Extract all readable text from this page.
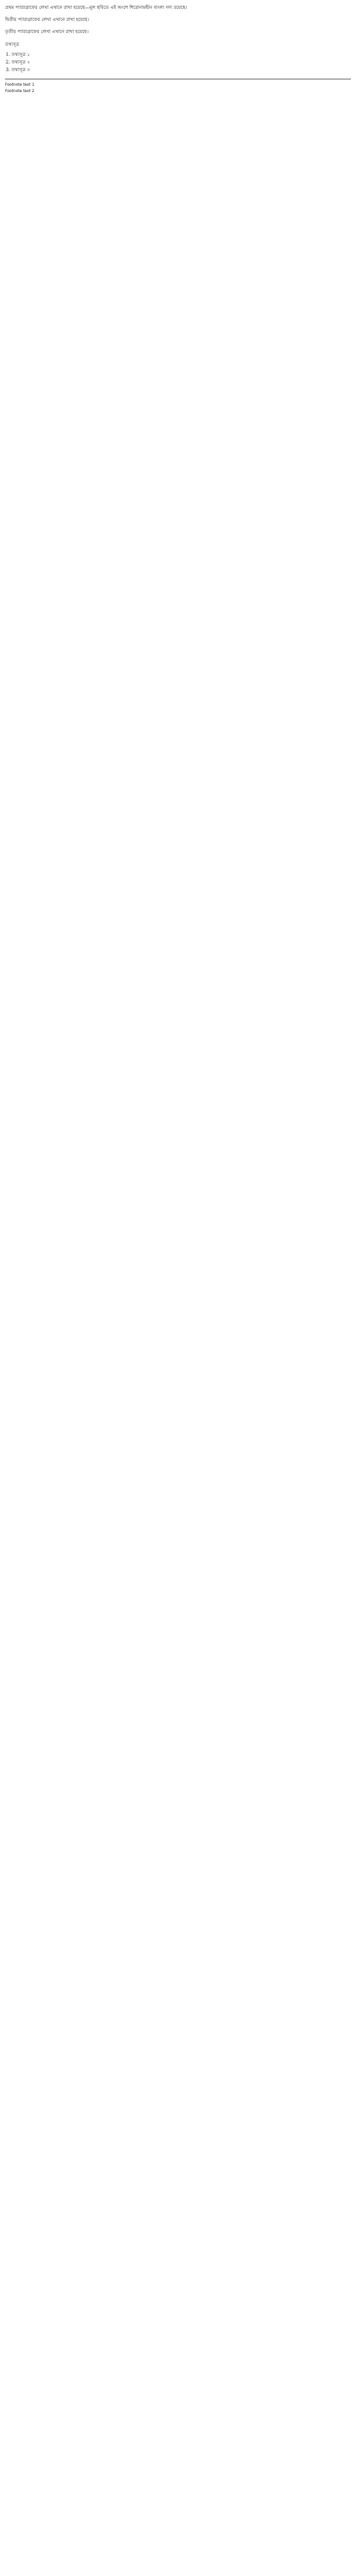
প্রথম প্যারাগ্রাফের লেখা এখানে রাখা হয়েছে—মূল ছবিতে এই অংশে শিরোনামহীন বাংলা গদ্য রয়েছে।

দ্বিতীয় প্যারাগ্রাফের লেখা এখানে রাখা হয়েছে।

তৃতীয় প্যারাগ্রাফের লেখা এখানে রাখা হয়েছে।

তথ্যসূত্র
1. তথ্যসূত্র ১
2. তথ্যসূত্র ২
3. তথ্যসূত্র ৩

Footnote text 1

Footnote text 2
